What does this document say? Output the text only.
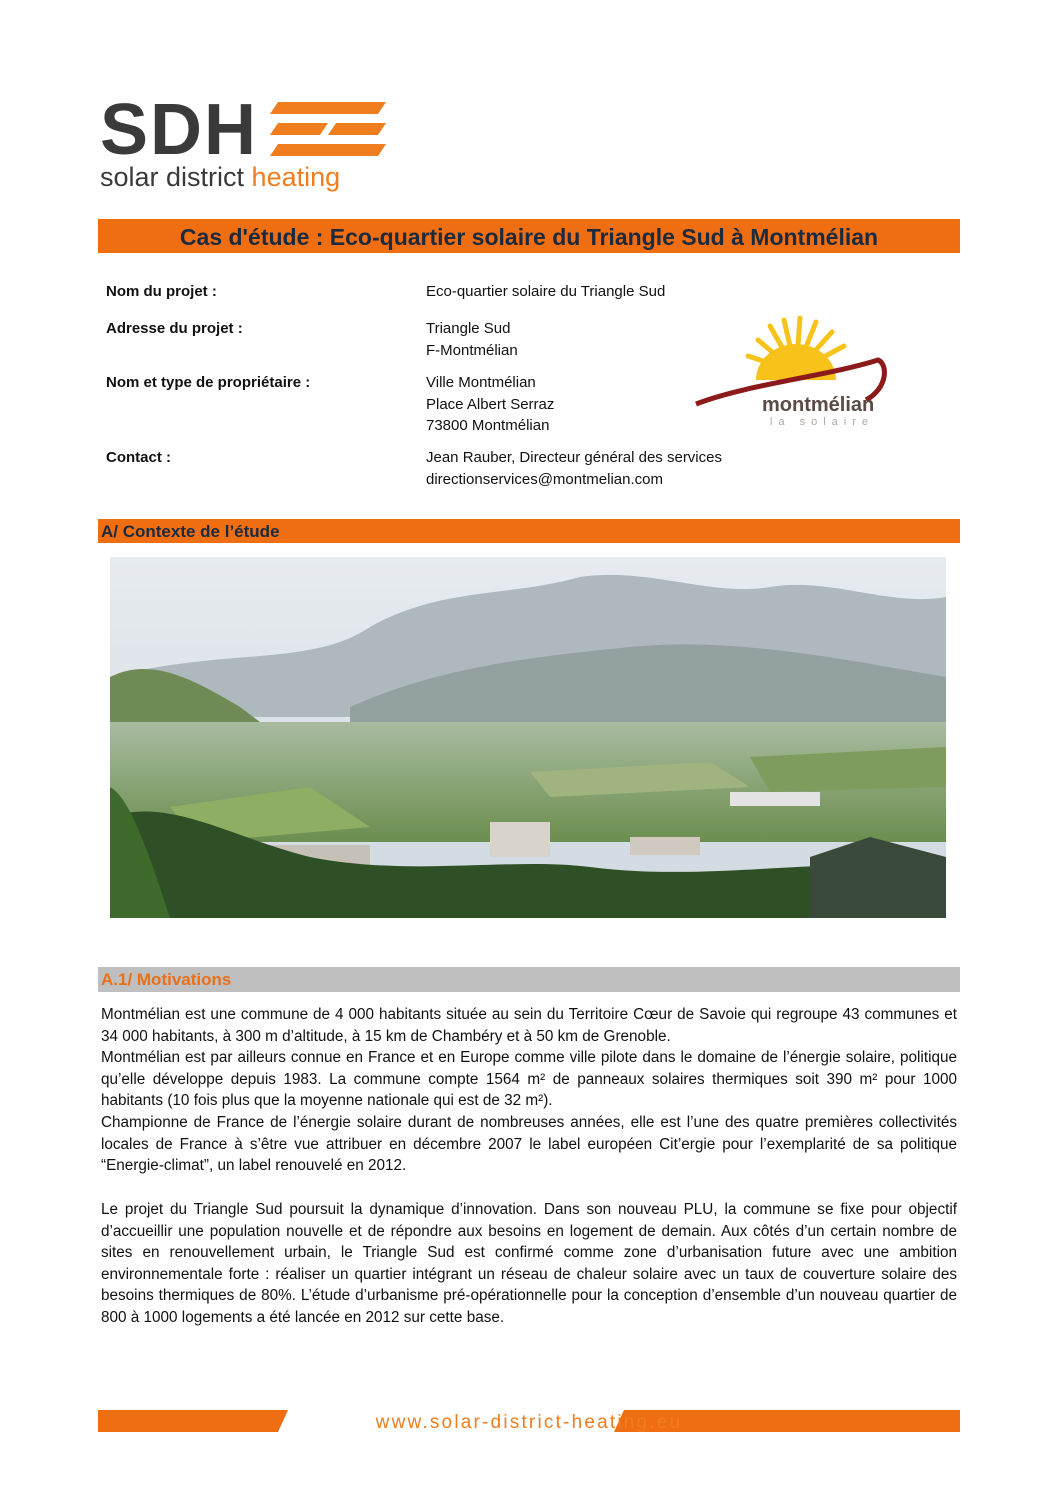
SDH
solar district heating
Cas d'étude : Eco-quartier solaire du Triangle Sud à Montmélian
Nom du projet :	Eco-quartier solaire du Triangle Sud
Adresse du projet :	Triangle Sud
F-Montmélian
Nom et type de propriétaire :	Ville Montmélian
Place Albert Serraz
73800 Montmélian
Contact :	Jean Rauber, Directeur général des services
directionservices@montmelian.com
montmélian
la solaire
A/ Contexte de l’étude
A.1/ Motivations

Montmélian est une commune de 4 000 habitants située au sein du Territoire Cœur de Savoie qui regroupe 43 communes et 34 000 habitants, à 300 m d’altitude, à 15 km de Chambéry et à 50 km de Grenoble.

Montmélian est par ailleurs connue en France et en Europe comme ville pilote dans le domaine de l’énergie solaire, politique qu’elle développe depuis 1983. La commune compte 1564 m² de panneaux solaires thermiques soit 390 m² pour 1000 habitants (10 fois plus que la moyenne nationale qui est de 32 m²).

Championne de France de l’énergie solaire durant de nombreuses années, elle est l’une des quatre premières collectivités locales de France à s’être vue attribuer en décembre 2007 le label européen Cit’ergie pour l’exemplarité de sa politique “Energie-climat”, un label renouvelé en 2012.

Le projet du Triangle Sud poursuit la dynamique d’innovation. Dans son nouveau PLU, la commune se fixe pour objectif d’accueillir une population nouvelle et de répondre aux besoins en logement de demain. Aux côtés d’un certain nombre de sites en renouvellement urbain, le Triangle Sud est confirmé comme zone d’urbanisation future avec une ambition environnementale forte : réaliser un quartier intégrant un réseau de chaleur solaire avec un taux de couverture solaire des besoins thermiques de 80%. L’étude d’urbanisme pré-opérationnelle pour la conception d’ensemble d’un nouveau quartier de 800 à 1000 logements a été lancée en 2012 sur cette base.

www.solar-district-heating.eu
